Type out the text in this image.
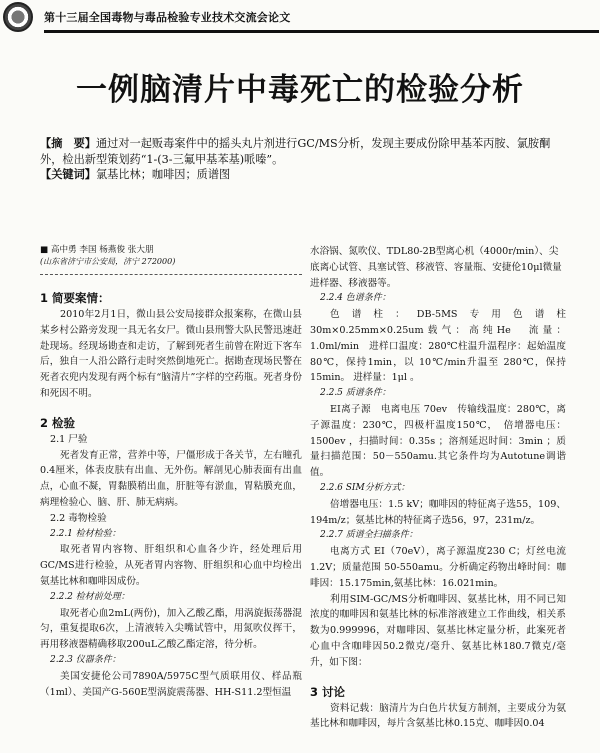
第十三届全国毒物与毒品检验专业技术交流会论文
一例脑清片中毒死亡的检验分析

【摘　要】通过对一起贩毒案件中的摇头丸片剂进行GC/MS分析，发现主要成份除甲基苯丙胺、氯胺酮外，检出新型策划药“1-(3-三氟甲基苯基)哌嗪”。

【关键词】氯基比林；咖啡因；质谱图

■ 高中勇 李国 杨燕俊 张大朋

(山东省济宁市公安局，济宁 272000)

1 简要案情：

2010年2月1日，微山县公安局接群众报案称，在微山县某乡村公路旁发现一具无名女尸。微山县刑警大队民警迅速赶赴现场。经现场勘查和走访，了解到死者生前曾在附近下客车后，独自一人沿公路行走时突然倒地死亡。据勘查现场民警在死者衣兜内发现有两个标有“脑清片”字样的空药瓶。死者身份和死因不明。

2 检验

2.1 尸验

死者发育正常，营养中等，尸僵形成于各关节，左右瞳孔0.4厘米，体表皮肤有出血、无外伤。解剖见心肺表面有出血点，心血不凝，胃黏膜稍出血，肝脏等有淤血，胃粘膜充血，病理检验心、脑、肝、肺无病病。

2.2 毒物检验

2.2.1 检材检验：

取死者胃内容物、肝组织和心血各少许，经处理后用GC/MS进行检验，从死者胃内容物、肝组织和心血中均检出氨基比林和咖啡因成份。

2.2.2 检材前处理：

取死者心血2mL(两份)，加入乙酸乙酯，用涡旋振荡器混匀，重复提取6次，上清液转入尖嘴试管中，用氮吹仪挥干，再用移液器精确移取200uL乙酸乙酯定溶，待分析。

2.2.3 仪器条件：

美国安捷伦公司7890A/5975C型气质联用仪、样品瓶（1ml）、美国产G-560E型涡旋震荡器、HH-S11.2型恒温

水浴锅、氮吹仪、TDL80-2B型离心机（4000r/min）、尖底离心试管、具塞试管、移液管、容量瓶、安捷伦10μl微量进样器、移液器等。

2.2.4 色谱条件：

色谱柱：DB-5MS专用色谱柱30m×0.25mm×0.25um载气：高纯He　流量：1.0ml/min　进样口温度：280℃柱温升温程序：起始温度80℃，保持1min，以 10℃/min升温至 280℃，保持15min。 进样量：1μl 。

2.2.5 质谱条件：

EI离子源　电离电压 70ev　传输线温度：280℃，离子源温度：230℃，四极杆温度150℃，　倍增器电压：1500ev ，扫描时间：0.35s ；溶剂延迟时间：3min ；质量扫描范围：50－550amu.其它条件均为Autotune调谐值。

2.2.6 SIM分析方式：

倍增器电压：1.5 kV；咖啡因的特征离子选55，109、194m/z；氨基比林的特征离子选56，97，231m/z。

2.2.7 质谱全扫描条件：

电离方式 EI（70eV），离子源温度230 C；灯丝电流1.2V；质量范围 50-550amu。分析确定药物出峰时间：咖啡因：15.175min,氨基比林：16.021min。

利用SIM-GC/MS分析咖啡因、氨基比林，用不同已知浓度的咖啡因和氨基比林的标准溶液建立工作曲线，相关系数为0.999996，对咖啡因、氨基比林定量分析，此案死者心血中含咖啡因50.2微克/毫升、氨基比林180.7微克/毫升，如下图：

3 讨论

资料记载：脑清片为白色片状复方制剂，主要成分为氨基比林和咖啡因，每片含氨基比林0.15克、咖啡因0.04
